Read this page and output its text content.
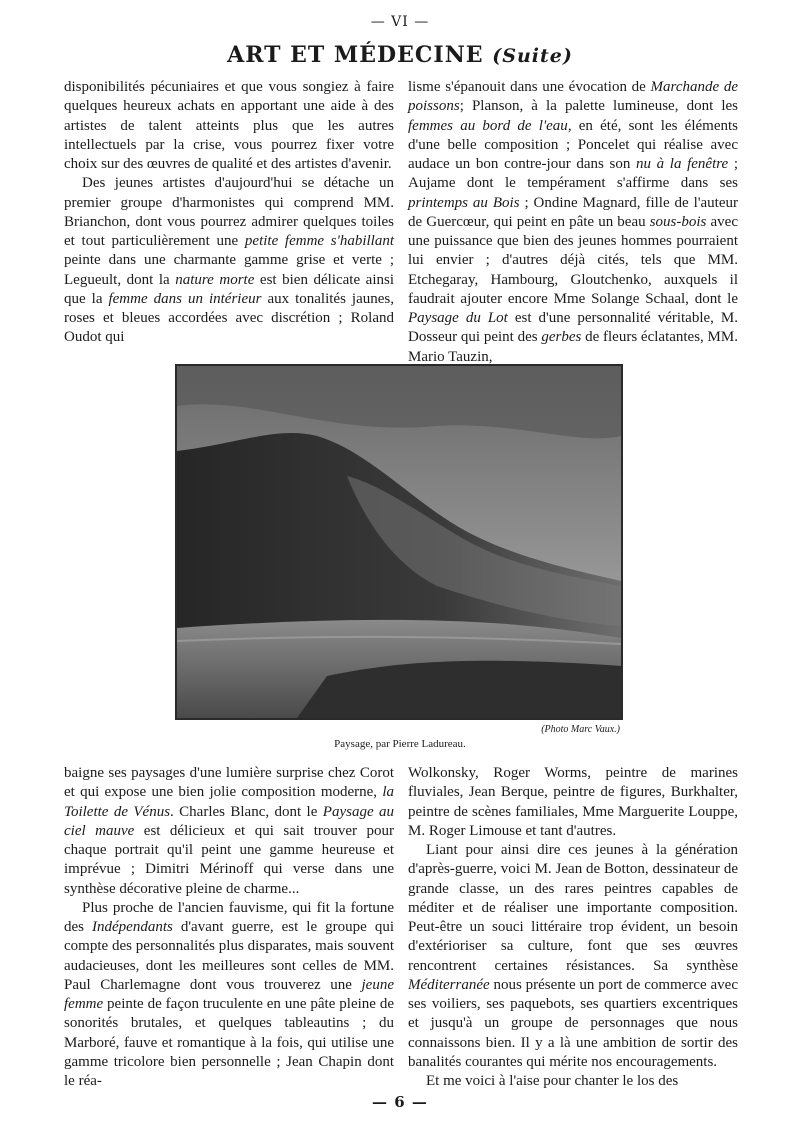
— VI —
ART ET MÉDECINE (Suite)

disponibilités pécuniaires et que vous songiez à faire quelques heureux achats en apportant une aide à des artistes de talent atteints plus que les autres intellectuels par la crise, vous pourrez fixer votre choix sur des œuvres de qualité et des artistes d'avenir.

Des jeunes artistes d'aujourd'hui se détache un premier groupe d'harmonistes qui comprend MM. Brianchon, dont vous pourrez admirer quelques toiles et tout particulièrement une petite femme s'habillant peinte dans une charmante gamme grise et verte ; Legueult, dont la nature morte est bien délicate ainsi que la femme dans un intérieur aux tonalités jaunes, roses et bleues accordées avec discrétion ; Roland Oudot qui

lisme s'épanouit dans une évocation de Marchande de poissons; Planson, à la palette lumineuse, dont les femmes au bord de l'eau, en été, sont les éléments d'une belle composition ; Poncelet qui réalise avec audace un bon contre-jour dans son nu à la fenêtre ; Aujame dont le tempérament s'affirme dans ses printemps au Bois ; Ondine Magnard, fille de l'auteur de Guercœur, qui peint en pâte un beau sous-bois avec une puissance que bien des jeunes hommes pourraient lui envier ; d'autres déjà cités, tels que MM. Etchegaray, Hambourg, Gloutchenko, auxquels il faudrait ajouter encore Mme Solange Schaal, dont le Paysage du Lot est d'une personnalité véritable, M. Dosseur qui peint des gerbes de fleurs éclatantes, MM. Mario Tauzin,

(Photo Marc Vaux.)
Paysage, par Pierre Ladureau.

baigne ses paysages d'une lumière surprise chez Corot et qui expose une bien jolie composition moderne, la Toilette de Vénus. Charles Blanc, dont le Paysage au ciel mauve est délicieux et qui sait trouver pour chaque portrait qu'il peint une gamme heureuse et imprévue ; Dimitri Mérinoff qui verse dans une synthèse décorative pleine de charme...

Plus proche de l'ancien fauvisme, qui fit la fortune des Indépendants d'avant guerre, est le groupe qui compte des personnalités plus disparates, mais souvent audacieuses, dont les meilleures sont celles de MM. Paul Charlemagne dont vous trouverez une jeune femme peinte de façon truculente en une pâte pleine de sonorités brutales, et quelques tableautins ; du Marboré, fauve et romantique à la fois, qui utilise une gamme tricolore bien personnelle ; Jean Chapin dont le réa-

Wolkonsky, Roger Worms, peintre de marines fluviales, Jean Berque, peintre de figures, Burkhalter, peintre de scènes familiales, Mme Marguerite Louppe, M. Roger Limouse et tant d'autres.

Liant pour ainsi dire ces jeunes à la génération d'après-guerre, voici M. Jean de Botton, dessinateur de grande classe, un des rares peintres capables de méditer et de réaliser une importante composition. Peut-être un souci littéraire trop évident, un besoin d'extérioriser sa culture, font que ses œuvres rencontrent certaines résistances. Sa synthèse Méditerranée nous présente un port de commerce avec ses voiliers, ses paquebots, ses quartiers excentriques et jusqu'à un groupe de personnages que nous connaissons bien. Il y a là une ambition de sortir des banalités courantes qui mérite nos encouragements.

Et me voici à l'aise pour chanter le los des

— 6 —
